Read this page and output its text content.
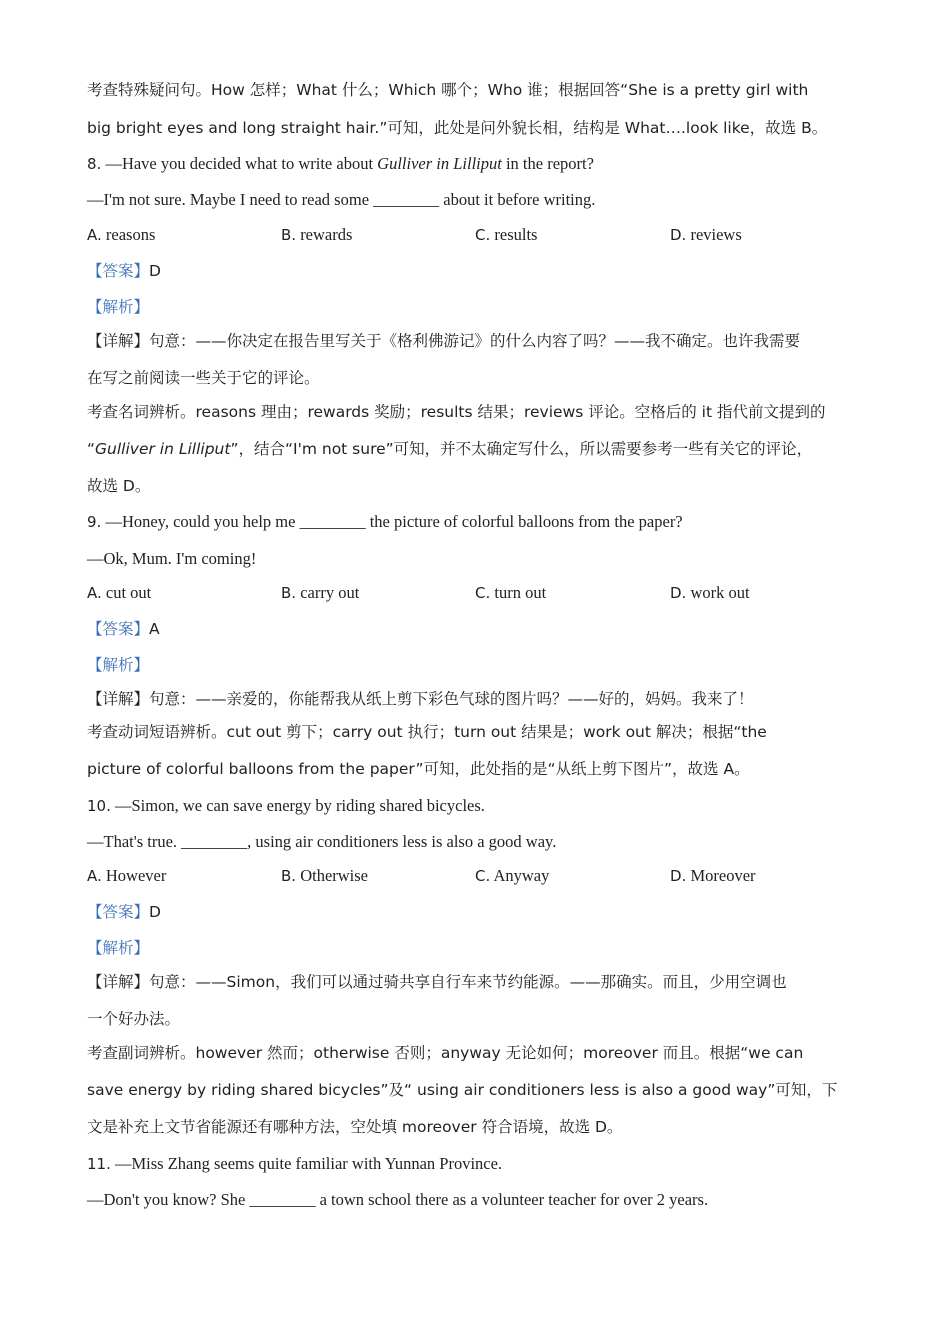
考查特殊疑问句。How 怎样；What 什么；Which 哪个；Who 谁；根据回答“She is a pretty girl with
big bright eyes and long straight hair.”可知，此处是问外貌长相，结构是 What….look like，故选 B。
8. —Have you decided what to write about Gulliver in Lilliput in the report?
—I'm not sure. Maybe I need to read some ________ about it before writing.
A. reasons	B. rewards	C. results	D. reviews
【答案】D
【解析】
【详解】句意：——你决定在报告里写关于《格利佛游记》的什么内容了吗？——我不确定。也许我需要
在写之前阅读一些关于它的评论。
考查名词辨析。reasons 理由；rewards 奖励；results 结果；reviews 评论。空格后的 it 指代前文提到的
“Gulliver in Lilliput”，结合“I'm not sure”可知，并不太确定写什么，所以需要参考一些有关它的评论，
故选 D。
9. —Honey, could you help me ________ the picture of colorful balloons from the paper?
—Ok, Mum. I'm coming!
A. cut out	B. carry out	C. turn out	D. work out
【答案】A
【解析】
【详解】句意：——亲爱的，你能帮我从纸上剪下彩色气球的图片吗？——好的，妈妈。我来了！
考查动词短语辨析。cut out 剪下；carry out 执行；turn out 结果是；work out 解决；根据“the
picture of colorful balloons from the paper”可知，此处指的是“从纸上剪下图片”，故选 A。
10. —Simon, we can save energy by riding shared bicycles.
—That's true. ________, using air conditioners less is also a good way.
A. However	B. Otherwise	C. Anyway	D. Moreover
【答案】D
【解析】
【详解】句意：——Simon，我们可以通过骑共享自行车来节约能源。——那确实。而且，少用空调也
一个好办法。
考查副词辨析。however 然而；otherwise 否则；anyway 无论如何；moreover 而且。根据“we can
save energy by riding shared bicycles”及“ using air conditioners less is also a good way”可知，下
文是补充上文节省能源还有哪种方法，空处填 moreover 符合语境，故选 D。
11. —Miss Zhang seems quite familiar with Yunnan Province.
—Don't you know? She ________ a town school there as a volunteer teacher for over 2 years.
